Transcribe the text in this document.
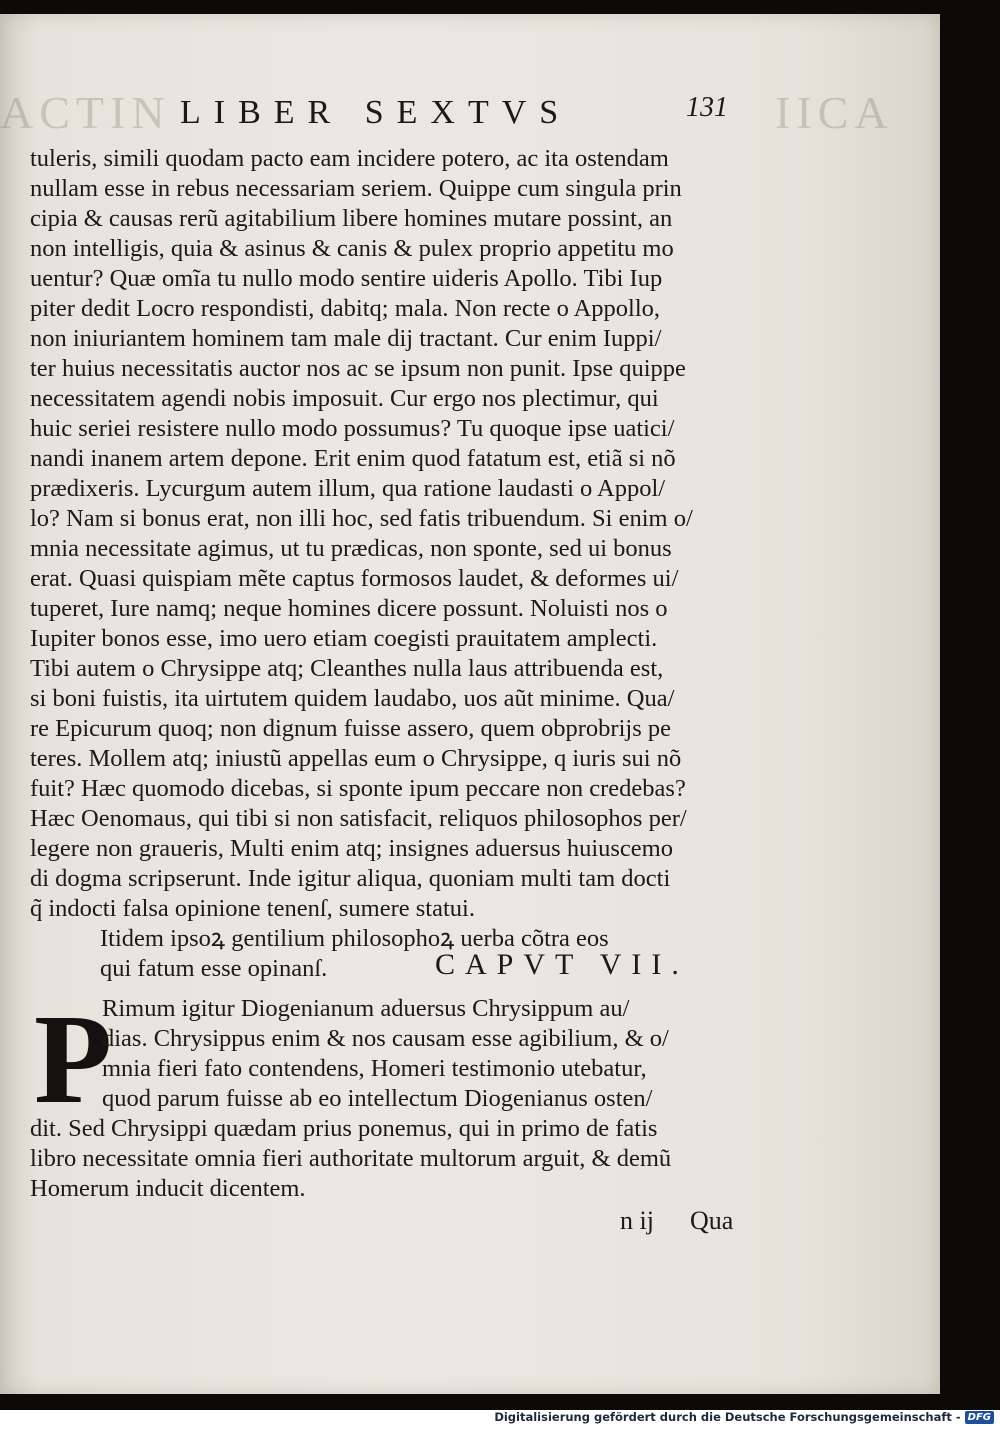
ACTIN	IICA
LIBER SEXTVS	131
tuleris, simili quodam pacto eam incidere potero, ac ita ostendam
nullam esse in rebus necessariam seriem. Quippe cum singula prin
cipia & causas rerũ agitabilium libere homines mutare possint, an
non intelligis, quia & asinus & canis & pulex proprio appetitu mo
uentur? Quæ omĩa tu nullo modo sentire uideris Apollo. Tibi Iup
piter dedit Locro respondisti, dabitq; mala. Non recte o Appollo,
non iniuriantem hominem tam male dij tractant. Cur enim Iuppi/
ter huius necessitatis auctor nos ac se ipsum non punit. Ipse quippe
necessitatem agendi nobis imposuit. Cur ergo nos plectimur, qui
huic seriei resistere nullo modo possumus? Tu quoque ipse uatici/
nandi inanem artem depone. Erit enim quod fatatum est, etiã si nõ
prædixeris. Lycurgum autem illum, qua ratione laudasti o Appol/
lo? Nam si bonus erat, non illi hoc, sed fatis tribuendum. Si enim o/
mnia necessitate agimus, ut tu prædicas, non sponte, sed ui bonus
erat. Quasi quispiam mẽte captus formosos laudet, & deformes ui/
tuperet, Iure namq; neque homines dicere possunt. Noluisti nos o
Iupiter bonos esse, imo uero etiam coegisti prauitatem amplecti.
Tibi autem o Chrysippe atq; Cleanthes nulla laus attribuenda est,
si boni fuistis, ita uirtutem quidem laudabo, uos aũt minime. Qua/
re Epicurum quoq; non dignum fuisse assero, quem obprobrijs pe
teres. Mollem atq; iniustũ appellas eum o Chrysippe, q iuris sui nõ
fuit? Hæc quomodo dicebas, si sponte ipum peccare non credebas?
Hæc Oenomaus, qui tibi si non satisfacit, reliquos philosophos per/
legere non graueris, Multi enim atq; insignes aduersus huiuscemo
di dogma scripserunt. Inde igitur aliqua, quoniam multi tam docti
q̃ indocti falsa opinione tenenſ, sumere statui.
Itidem ipsoꝝ gentilium philosophoꝝ uerba cõtra eos
qui fatum esse opinanſ.	CAPVT VII.
P
Rimum igitur Diogenianum aduersus Chrysippum au/
dias. Chrysippus enim & nos causam esse agibilium, & o/
mnia fieri fato contendens, Homeri testimonio utebatur,
quod parum fuisse ab eo intellectum Diogenianus osten/
dit. Sed Chrysippi quædam prius ponemus, qui in primo de fatis
libro necessitate omnia fieri authoritate multorum arguit, & demũ
Homerum inducit dicentem.
n ij Qua
Digitalisierung gefördert durch die Deutsche Forschungsgemeinschaft - DFG
